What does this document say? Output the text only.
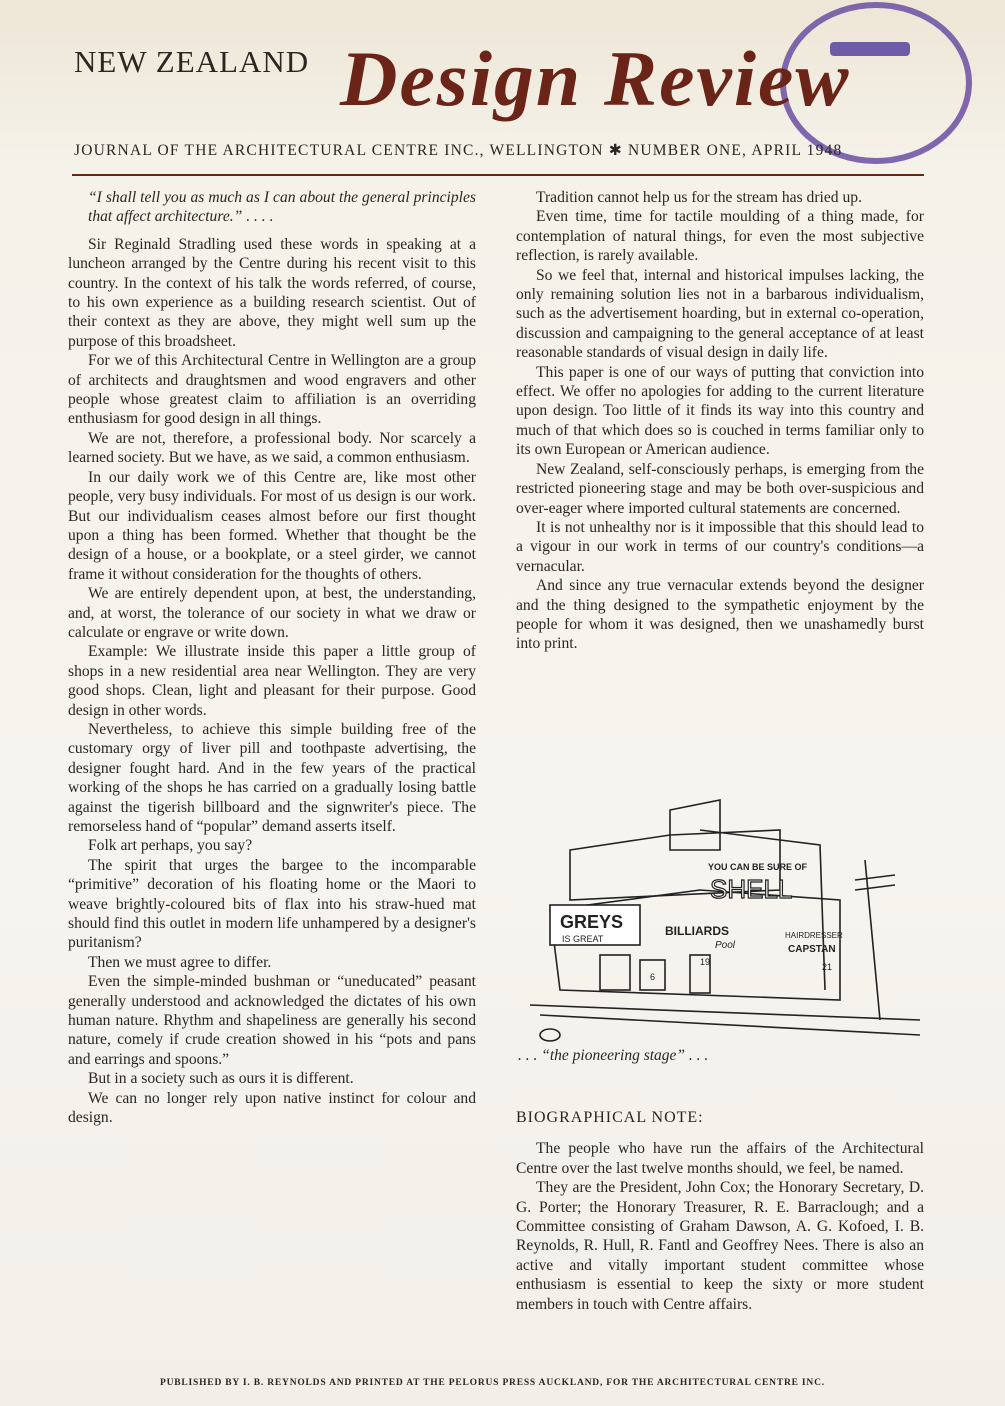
NEW ZEALAND Design Review
JOURNAL OF THE ARCHITECTURAL CENTRE INC., WELLINGTON ✱ NUMBER ONE, APRIL 1948

“I shall tell you as much as I can about the general principles that affect architecture.” . . . .

Sir Reginald Stradling used these words in speaking at a luncheon arranged by the Centre during his recent visit to this country. In the context of his talk the words referred, of course, to his own experience as a building research scientist. Out of their context as they are above, they might well sum up the purpose of this broadsheet.

For we of this Architectural Centre in Wellington are a group of architects and draughtsmen and wood engravers and other people whose greatest claim to affiliation is an overriding enthusiasm for good design in all things.

We are not, therefore, a professional body. Nor scarcely a learned society. But we have, as we said, a common enthusiasm.

In our daily work we of this Centre are, like most other people, very busy individuals. For most of us design is our work. But our individualism ceases almost before our first thought upon a thing has been formed. Whether that thought be the design of a house, or a bookplate, or a steel girder, we cannot frame it without consideration for the thoughts of others.

We are entirely dependent upon, at best, the understanding, and, at worst, the tolerance of our society in what we draw or calculate or engrave or write down.

Example: We illustrate inside this paper a little group of shops in a new residential area near Wellington. They are very good shops. Clean, light and pleasant for their purpose. Good design in other words.

Nevertheless, to achieve this simple building free of the customary orgy of liver pill and toothpaste advertising, the designer fought hard. And in the few years of the practical working of the shops he has carried on a gradually losing battle against the tigerish billboard and the signwriter's piece. The remorseless hand of “popular” demand asserts itself.

Folk art perhaps, you say?

The spirit that urges the bargee to the incomparable “primitive” decoration of his floating home or the Maori to weave brightly-coloured bits of flax into his straw-hued mat should find this outlet in modern life unhampered by a designer's puritanism?

Then we must agree to differ.

Even the simple-minded bushman or “uneducated” peasant generally understood and acknowledged the dictates of his own human nature. Rhythm and shapeliness are generally his second nature, comely if crude creation showed in his “pots and pans and earrings and spoons.”

But in a society such as ours it is different.

We can no longer rely upon native instinct for colour and design.

Tradition cannot help us for the stream has dried up.

Even time, time for tactile moulding of a thing made, for contemplation of natural things, for even the most subjective reflection, is rarely available.

So we feel that, internal and historical impulses lacking, the only remaining solution lies not in a barbarous individualism, such as the advertisement hoarding, but in external co-operation, discussion and campaigning to the general acceptance of at least reasonable standards of visual design in daily life.

This paper is one of our ways of putting that conviction into effect. We offer no apologies for adding to the current literature upon design. Too little of it finds its way into this country and much of that which does so is couched in terms familiar only to its own European or American audience.

New Zealand, self-consciously perhaps, is emerging from the restricted pioneering stage and may be both over-suspicious and over-eager where imported cultural statements are concerned.

It is not unhealthy nor is it impossible that this should lead to a vigour in our work in terms of our country's conditions—a vernacular.

And since any true vernacular extends beyond the designer and the thing designed to the sympathetic enjoyment by the people for whom it was designed, then we unashamedly burst into print.

GREYS
IS GREAT
YOU CAN BE SURE OF
SHELL
BILLIARDS
Pool
HAIRDRESSER
CAPSTAN
19	21
6
. . . “the pioneering stage” . . .
BIOGRAPHICAL NOTE:

The people who have run the affairs of the Architectural Centre over the last twelve months should, we feel, be named.

They are the President, John Cox; the Honorary Secretary, D. G. Porter; the Honorary Treasurer, R. E. Barraclough; and a Committee consisting of Graham Dawson, A. G. Kofoed, I. B. Reynolds, R. Hull, R. Fantl and Geoffrey Nees. There is also an active and vitally important student committee whose enthusiasm is essential to keep the sixty or more student members in touch with Centre affairs.

PUBLISHED BY I. B. REYNOLDS AND PRINTED AT THE PELORUS PRESS AUCKLAND, FOR THE ARCHITECTURAL CENTRE INC.
